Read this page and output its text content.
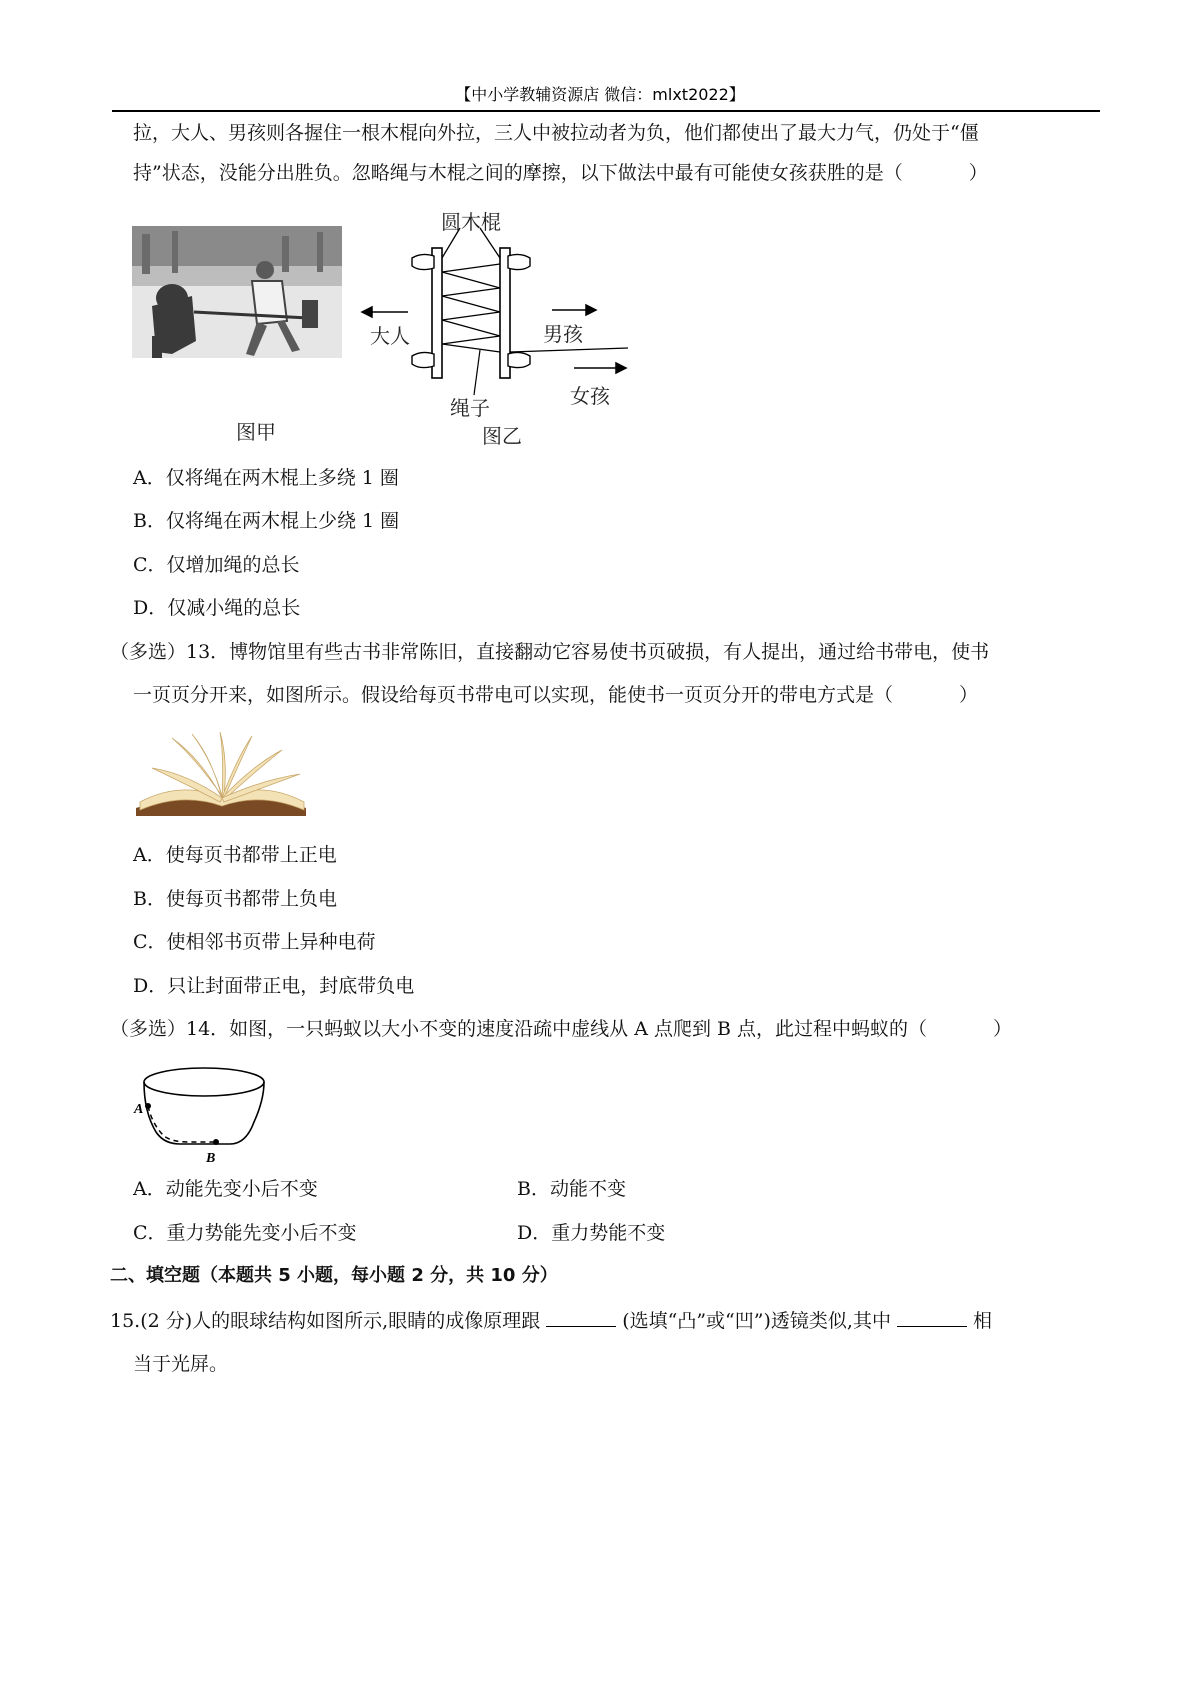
【中小学教辅资源店 微信：mlxt2022】
拉，大人、男孩则各握住一根木棍向外拉，三人中被拉动者为负，他们都使出了最大力气，仍处于“僵
持”状态，没能分出胜负。忽略绳与木棍之间的摩擦，以下做法中最有可能使女孩获胜的是（	）
图甲
圆木棍
大人	男孩
绳子	女孩
图乙
A．仅将绳在两木棍上多绕 1 圈
B．仅将绳在两木棍上少绕 1 圈
C．仅增加绳的总长
D．仅减小绳的总长
（多选）13．博物馆里有些古书非常陈旧，直接翻动它容易使书页破损，有人提出，通过给书带电，使书
一页页分开来，如图所示。假设给每页书带电可以实现，能使书一页页分开的带电方式是（	）
A．使每页书都带上正电
B．使每页书都带上负电
C．使相邻书页带上异种电荷
D．只让封面带正电，封底带负电
（多选）14．如图，一只蚂蚁以大小不变的速度沿疏中虚线从 A 点爬到 B 点，此过程中蚂蚁的（	）
A
B
A．动能先变小后不变	B．动能不变
C．重力势能先变小后不变	D．重力势能不变
二、填空题（本题共 5 小题，每小题 2 分，共 10 分）
15.(2 分)人的眼球结构如图所示,眼睛的成像原理跟	(选填“凸”或“凹”)透镜类似,其中	相
当于光屏。
